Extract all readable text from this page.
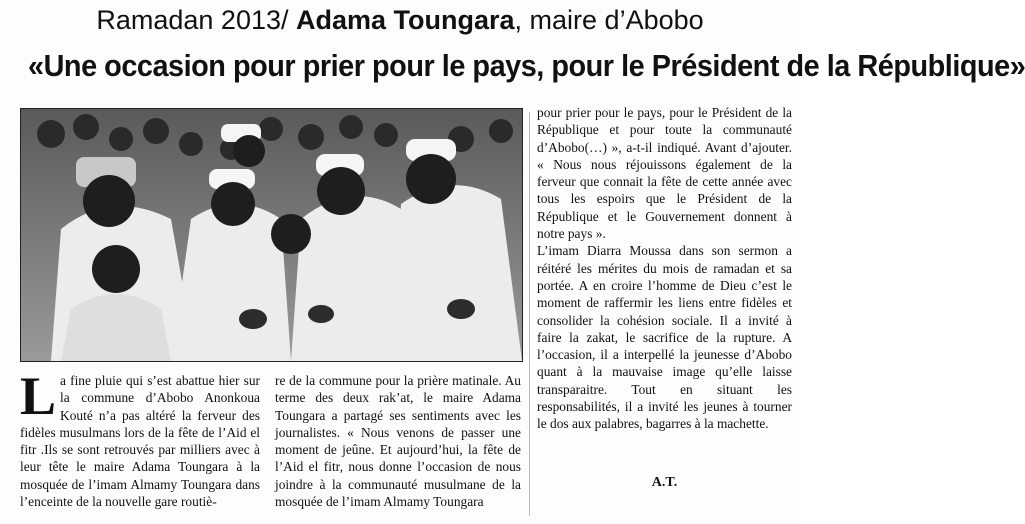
Ramadan 2013/ Adama Toungara, maire d’Abobo
«Une occasion pour prier pour le pays, pour le Président de la République»
La fine pluie qui s’est abattue hier sur la commune d’Abobo Anonkoua Kouté n’a pas altéré la ferveur des fidèles musulmans lors de la fête de l’Aid el fitr .Ils se sont retrouvés par milliers avec à leur tête le maire Adama Toungara à la mosquée de l’imam Almamy Toungara dans l’enceinte de la nouvelle gare routiè-

re de la commune pour la prière matinale. Au terme des deux rak’at, le maire Adama Toungara a partagé ses sentiments avec les journalistes. « Nous venons de passer une moment de jeûne. Et aujourd’hui, la fête de l’Aid el fitr, nous donne l’occasion de nous joindre à la communauté musulmane de la mosquée de l’imam Almamy Toungara

pour prier pour le pays, pour le Président de la République et pour toute la communauté d’Abobo(…) », a-t-il indiqué. Avant d’ajouter. « Nous nous réjouissons également de la ferveur que connait la fête de cette année avec tous les espoirs que le Président de la République et le Gouvernement donnent à notre pays ».

L’imam Diarra Moussa dans son sermon a réitéré les mérites du mois de ramadan et sa portée. A en croire l’homme de Dieu c’est le moment de raffermir les liens entre fidèles et consolider la cohésion sociale. Il a invité à faire la zakat, le sacrifice de la rupture. A l’occasion, il a interpellé la jeunesse d’Abobo quant à la mauvaise image qu’elle laisse transparaitre. Tout en situant les responsabilités, il a invité les jeunes à tourner le dos aux palabres, bagarres à la machette.

A.T.
